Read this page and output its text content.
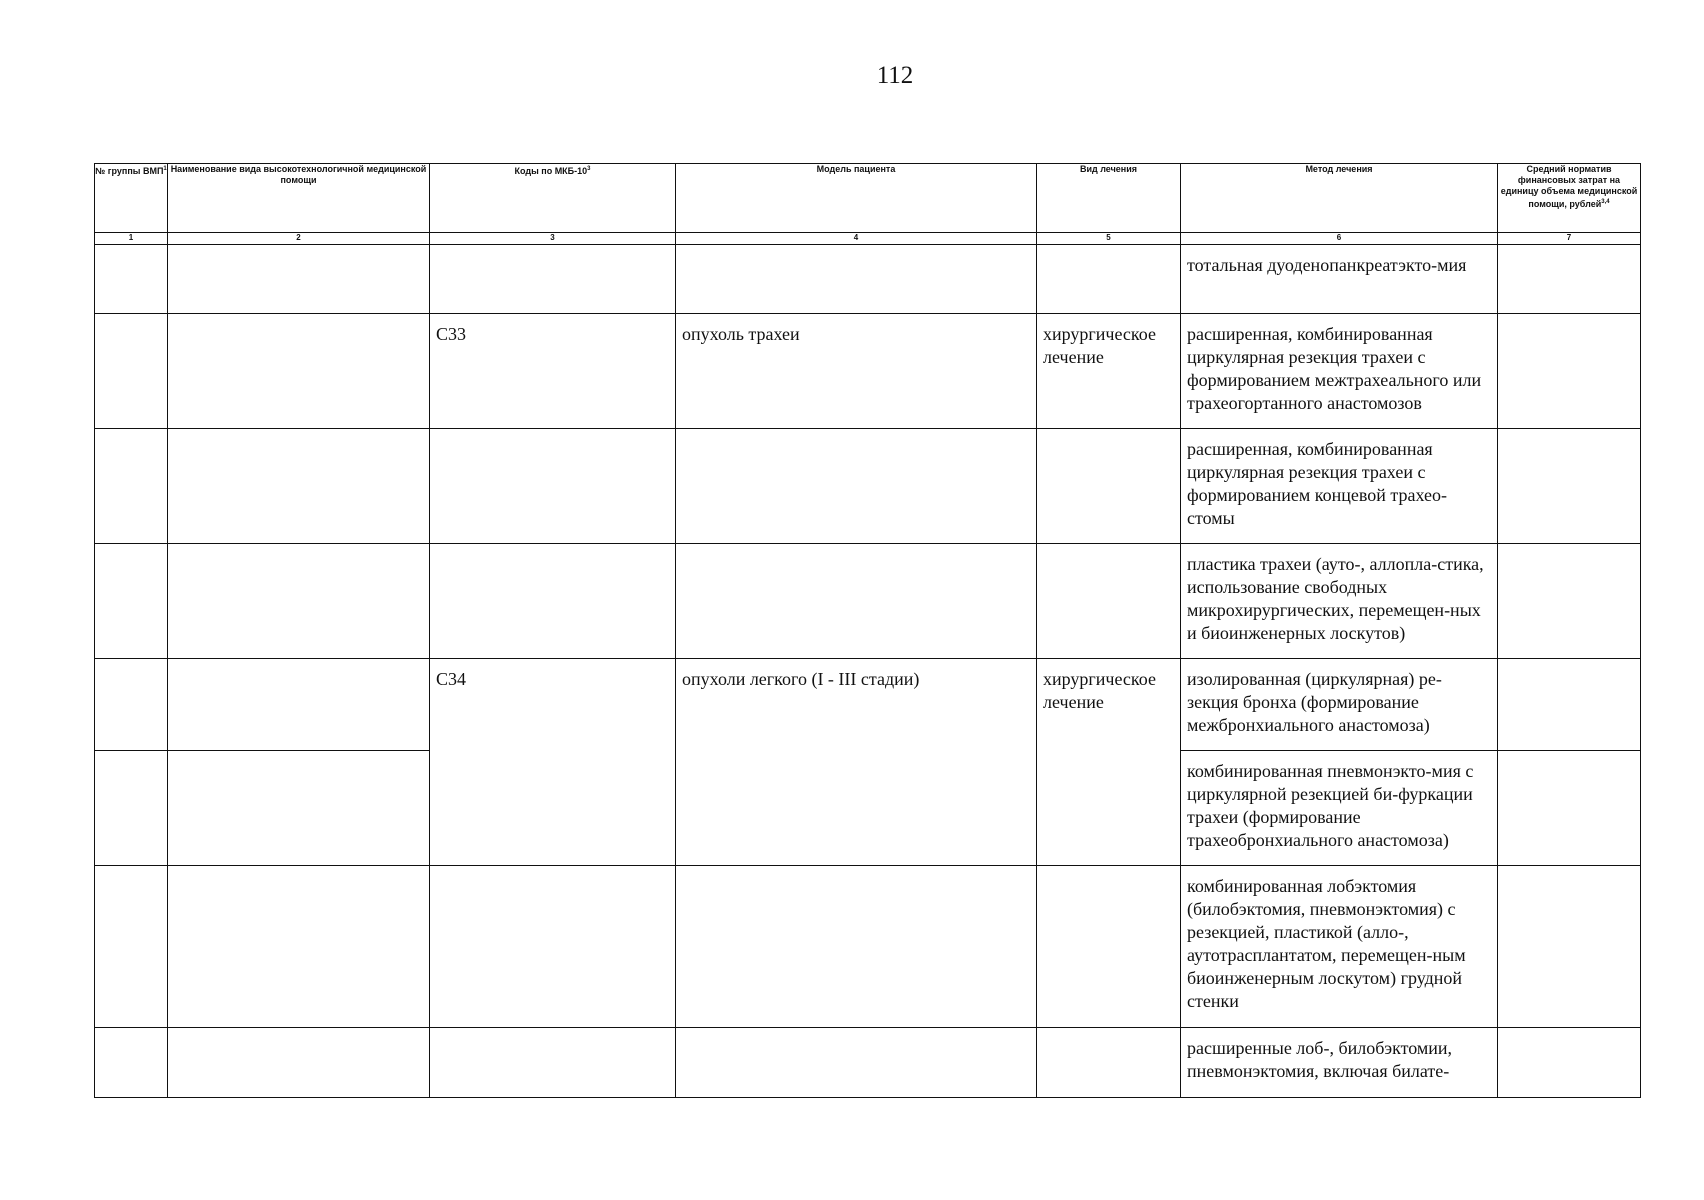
112
№ группы ВМП$^1$	Наименование вида высокотехнологичной медицинской помощи	Коды по МКБ-$10^3$	Модель пациента	Вид лечения	Метод лечения	Средний норматив финансовых затрат на единицу объема медицинской помощи, рублей$^{3,4}$
1	2	3	4	5	6	7

					тотальная дуоденопанкреатэкто-мия	

		C33	опухоль трахеи	хирургическое лечение	расширенная, комбинированная циркулярная резекция трахеи с формированием межтрахеального или трахеогортанного анастомозов	

					расширенная, комбинированная циркулярная резекция трахеи с формированием концевой трахео-стомы	

					пластика трахеи (ауто-, аллопла-стика, использование свободных микрохирургических, перемещен-ных и биоинженерных лоскутов)	

		C34	опухоли легкого (I - III стадии)	хирургическое лечение	изолированная (циркулярная) ре-зекция бронха (формирование межбронхиального анастомоза)	

					комбинированная пневмонэкто-мия с циркулярной резекцией би-фуркации трахеи (формирование трахеобронхиального анастомоза)	

					комбинированная лобэктомия (билобэктомия, пневмонэктомия) с резекцией, пластикой (алло-, аутотрасплантатом, перемещен-ным биоинженерным лоскутом) грудной стенки	

					расширенные лоб-, билобэктомии, пневмонэктомия, включая билате-	
